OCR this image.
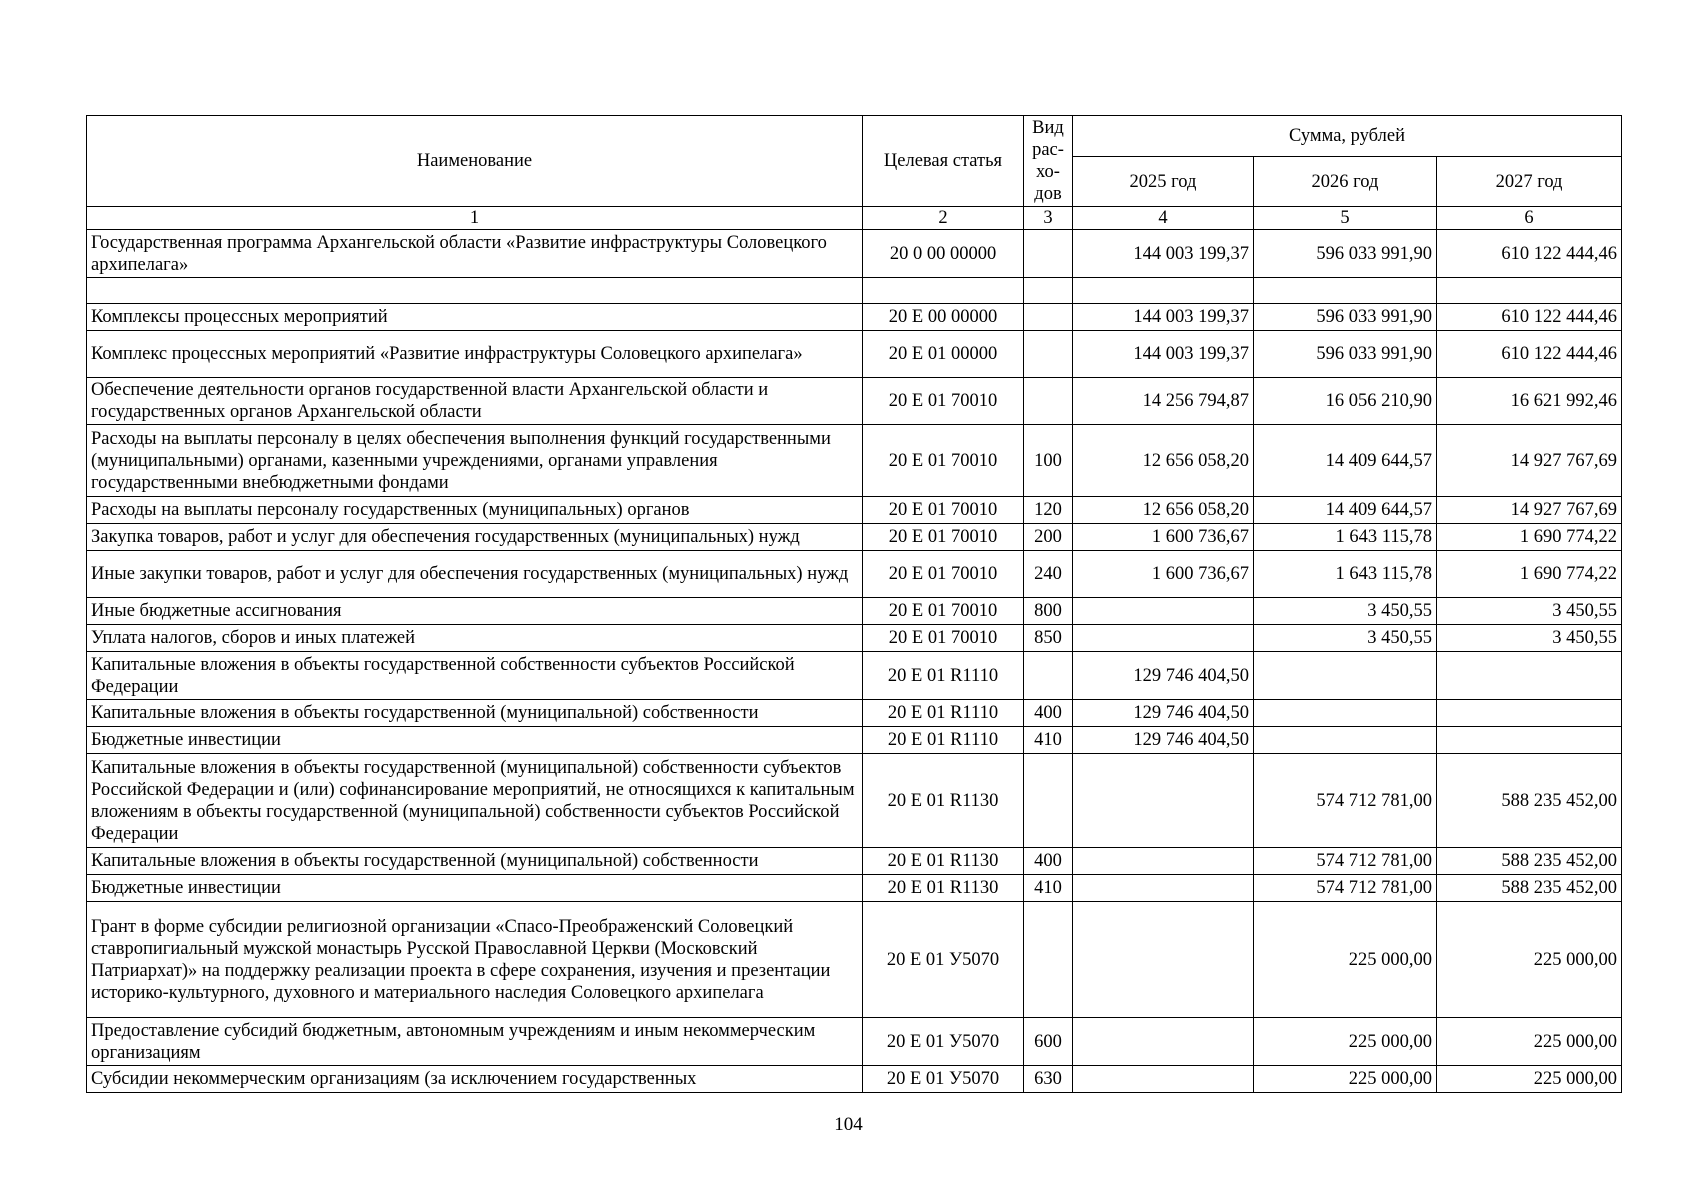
Наименование	Целевая статья	Вид
рас-
хо-
дов	Сумма, рублей		
			2025 год	2026 год	2027 год
1	2	3	4	5	6
Государственная программа Архангельской области «Развитие инфраструктуры Соловецкого архипелага»	20 0 00 00000		144 003 199,37	596 033 991,90	610 122 444,46

Комплексы процессных мероприятий	20 E 00 00000		144 003 199,37	596 033 991,90	610 122 444,46
Комплекс процессных мероприятий «Развитие инфраструктуры Соловецкого архипелага»	20 E 01 00000		144 003 199,37	596 033 991,90	610 122 444,46
Обеспечение деятельности органов государственной власти Архангельской области и государственных органов Архангельской области	20 E 01 70010		14 256 794,87	16 056 210,90	16 621 992,46
Расходы на выплаты персоналу в целях обеспечения выполнения функций государственными (муниципальными) органами, казенными учреждениями, органами управления государственными внебюджетными фондами	20 E 01 70010	100	12 656 058,20	14 409 644,57	14 927 767,69
Расходы на выплаты персоналу государственных (муниципальных) органов	20 E 01 70010	120	12 656 058,20	14 409 644,57	14 927 767,69
Закупка товаров, работ и услуг для обеспечения государственных (муниципальных) нужд	20 E 01 70010	200	1 600 736,67	1 643 115,78	1 690 774,22
Иные закупки товаров, работ и услуг для обеспечения государственных (муниципальных) нужд	20 E 01 70010	240	1 600 736,67	1 643 115,78	1 690 774,22
Иные бюджетные ассигнования	20 E 01 70010	800		3 450,55	3 450,55
Уплата налогов, сборов и иных платежей	20 E 01 70010	850		3 450,55	3 450,55
Капитальные вложения в объекты государственной собственности субъектов Российской Федерации	20 E 01 R1110		129 746 404,50		
Капитальные вложения в объекты государственной (муниципальной) собственности	20 E 01 R1110	400	129 746 404,50		
Бюджетные инвестиции	20 E 01 R1110	410	129 746 404,50		
Капитальные вложения в объекты государственной (муниципальной) собственности субъектов Российской Федерации и (или) софинансирование мероприятий, не относящихся к капитальным вложениям в объекты государственной (муниципальной) собственности субъектов Российской Федерации	20 E 01 R1130			574 712 781,00	588 235 452,00
Капитальные вложения в объекты государственной (муниципальной) собственности	20 E 01 R1130	400		574 712 781,00	588 235 452,00
Бюджетные инвестиции	20 E 01 R1130	410		574 712 781,00	588 235 452,00
Грант в форме субсидии религиозной организации «Спасо-Преображенский Соловецкий ставропигиальный мужской монастырь Русской Православной Церкви (Московский Патриархат)» на поддержку реализации проекта в сфере сохранения, изучения и презентации историко-культурного, духовного и материального наследия Соловецкого архипелага	20 E 01 У5070			225 000,00	225 000,00
Предоставление субсидий бюджетным, автономным учреждениям и иным некоммерческим организациям	20 E 01 У5070	600		225 000,00	225 000,00
Субсидии некоммерческим организациям (за исключением государственных	20 E 01 У5070	630		225 000,00	225 000,00
104
